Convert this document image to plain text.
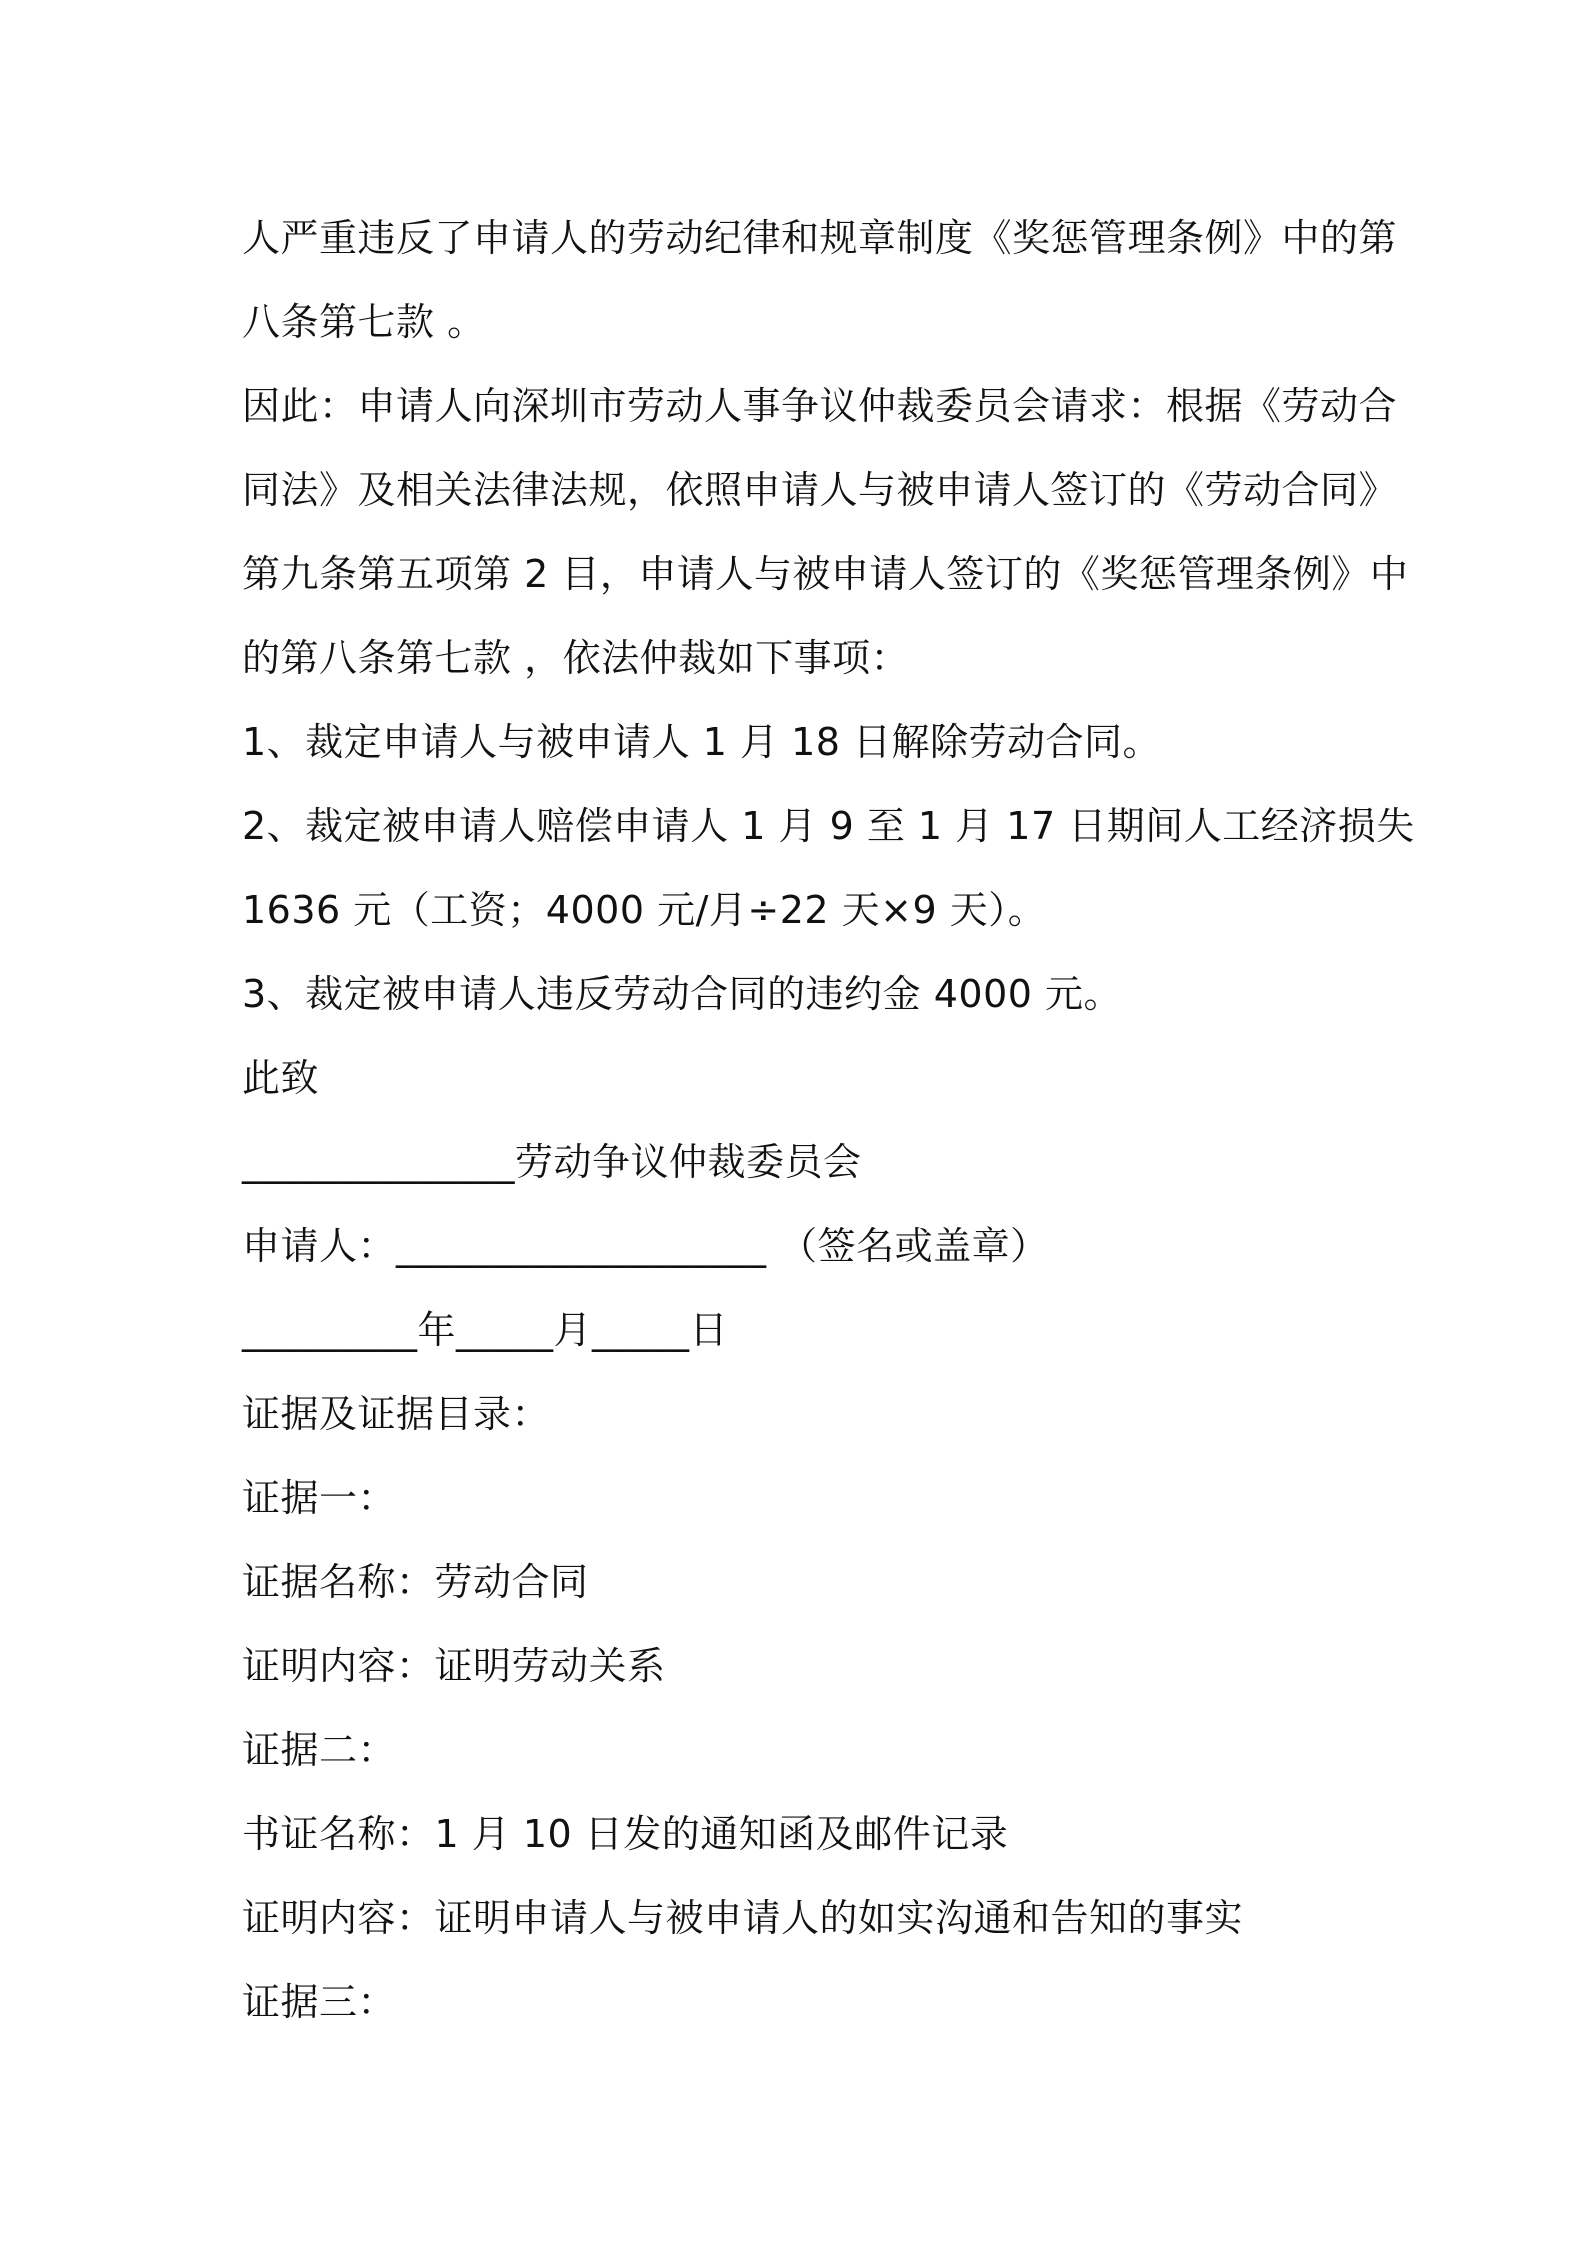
人严重违反了申请人的劳动纪律和规章制度《奖惩管理条例》中的第
八条第七款 。
因此：申请人向深圳市劳动人事争议仲裁委员会请求：根据《劳动合
同法》及相关法律法规，依照申请人与被申请人签订的《劳动合同》
第九条第五项第 2 目，申请人与被申请人签订的《奖惩管理条例》中
的第八条第七款 ，依法仲裁如下事项：
1、裁定申请人与被申请人 1 月 18 日解除劳动合同。
2、裁定被申请人赔偿申请人 1 月 9 至 1 月 17 日期间人工经济损失
1636 元（工资；4000 元/月÷22 天×9 天）。
3、裁定被申请人违反劳动合同的违约金 4000 元。
此致
______________劳动争议仲裁委员会
申请人：___________________ （签名或盖章）
_________年_____月_____日
证据及证据目录：
证据一：
证据名称：劳动合同
证明内容：证明劳动关系
证据二：
书证名称：1 月 10 日发的通知函及邮件记录
证明内容：证明申请人与被申请人的如实沟通和告知的事实
证据三：
